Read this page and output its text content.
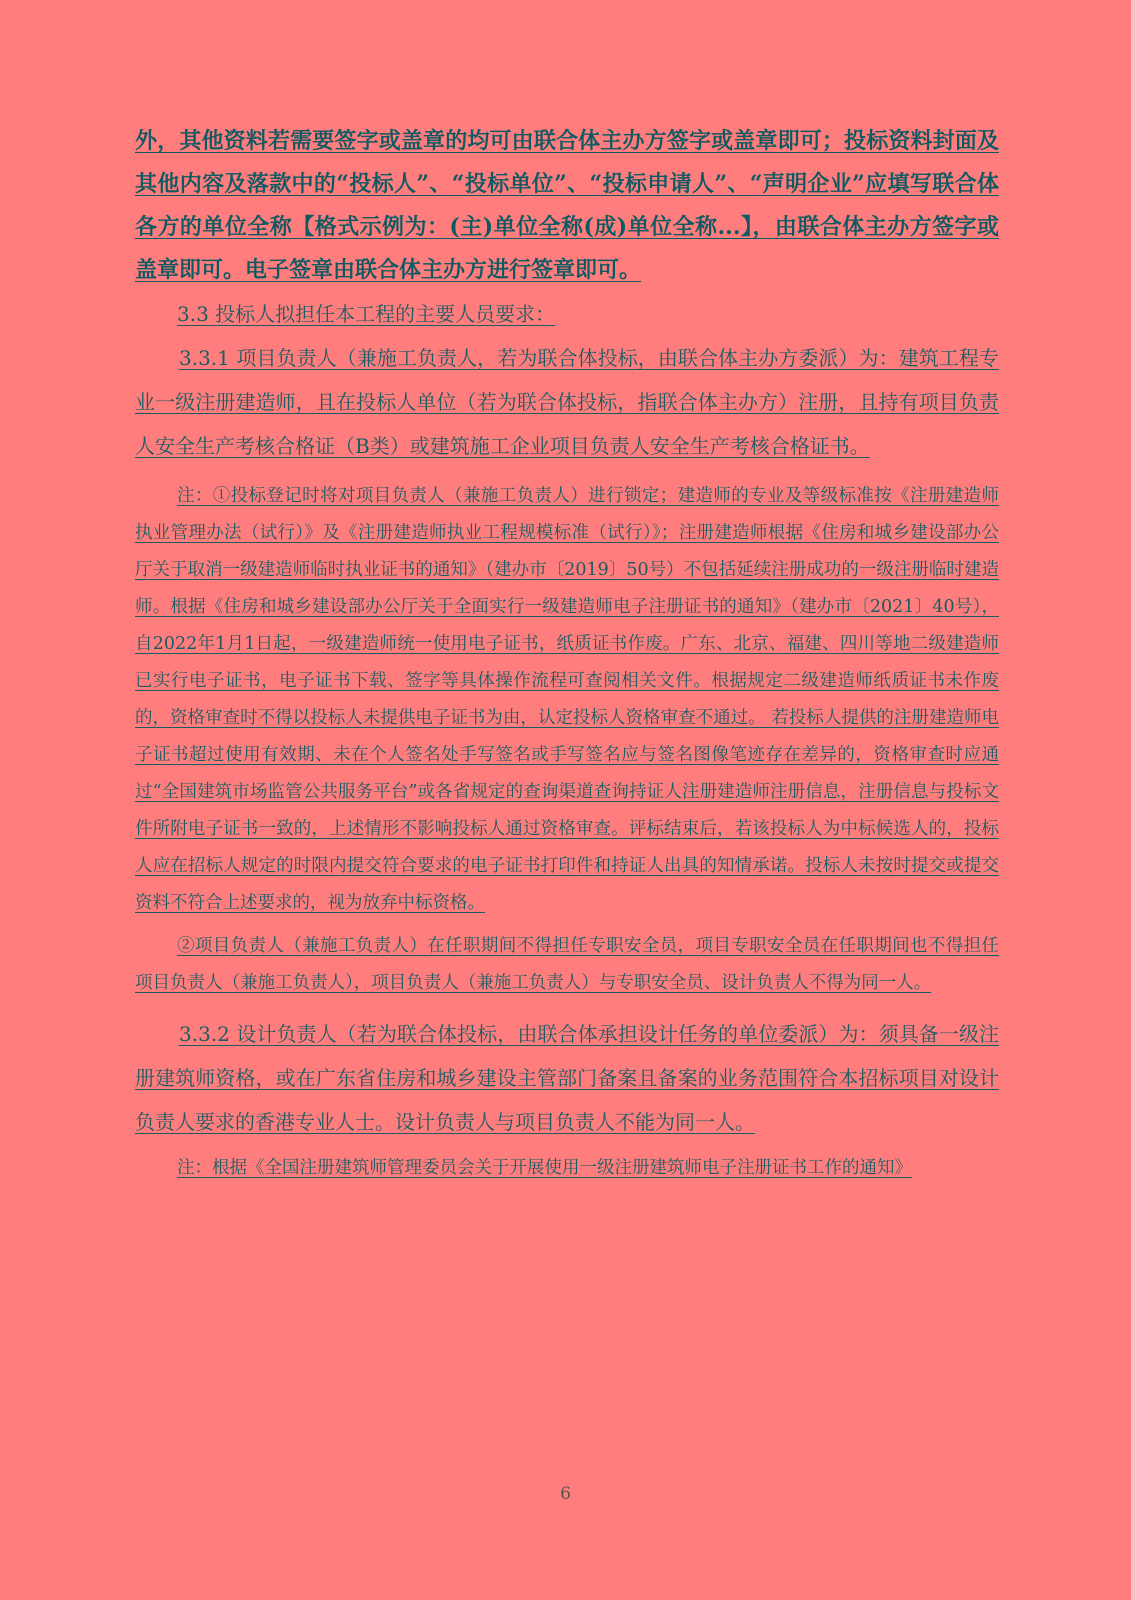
外，其他资料若需要签字或盖章的均可由联合体主办方签字或盖章即可；投标资料封面及其他内容及落款中的“投标人”、“投标单位”、“投标申请人”、“声明企业”应填写联合体各方的单位全称【格式示例为：(主)单位全称(成)单位全称...】，由联合体主办方签字或盖章即可。电子签章由联合体主办方进行签章即可。

3.3 投标人拟担任本工程的主要人员要求：

3.3.1 项目负责人（兼施工负责人，若为联合体投标，由联合体主办方委派）为：建筑工程专业一级注册建造师，且在投标人单位（若为联合体投标，指联合体主办方）注册，且持有项目负责人安全生产考核合格证（B类）或建筑施工企业项目负责人安全生产考核合格证书。

注：①投标登记时将对项目负责人（兼施工负责人）进行锁定；建造师的专业及等级标准按《注册建造师执业管理办法（试行）》及《注册建造师执业工程规模标准（试行）》；注册建造师根据《住房和城乡建设部办公厅关于取消一级建造师临时执业证书的通知》（建办市〔2019〕50号）不包括延续注册成功的一级注册临时建造师。根据《住房和城乡建设部办公厅关于全面实行一级建造师电子注册证书的通知》（建办市〔2021〕40号），自2022年1月1日起，一级建造师统一使用电子证书，纸质证书作废。广东、北京、福建、四川等地二级建造师已实行电子证书，电子证书下载、签字等具体操作流程可查阅相关文件。根据规定二级建造师纸质证书未作废的，资格审查时不得以投标人未提供电子证书为由，认定投标人资格审查不通过。 若投标人提供的注册建造师电子证书超过使用有效期、未在个人签名处手写签名或手写签名应与签名图像笔迹存在差异的，资格审查时应通过“全国建筑市场监管公共服务平台”或各省规定的查询渠道查询持证人注册建造师注册信息，注册信息与投标文件所附电子证书一致的，上述情形不影响投标人通过资格审查。评标结束后，若该投标人为中标候选人的，投标人应在招标人规定的时限内提交符合要求的电子证书打印件和持证人出具的知情承诺。投标人未按时提交或提交资料不符合上述要求的，视为放弃中标资格。

②项目负责人（兼施工负责人）在任职期间不得担任专职安全员，项目专职安全员在任职期间也不得担任项目负责人（兼施工负责人），项目负责人（兼施工负责人）与专职安全员、设计负责人不得为同一人。

3.3.2 设计负责人（若为联合体投标，由联合体承担设计任务的单位委派）为：须具备一级注册建筑师资格，或在广东省住房和城乡建设主管部门备案且备案的业务范围符合本招标项目对设计负责人要求的香港专业人士。设计负责人与项目负责人不能为同一人。

注：根据《全国注册建筑师管理委员会关于开展使用一级注册建筑师电子注册证书工作的通知》

6
